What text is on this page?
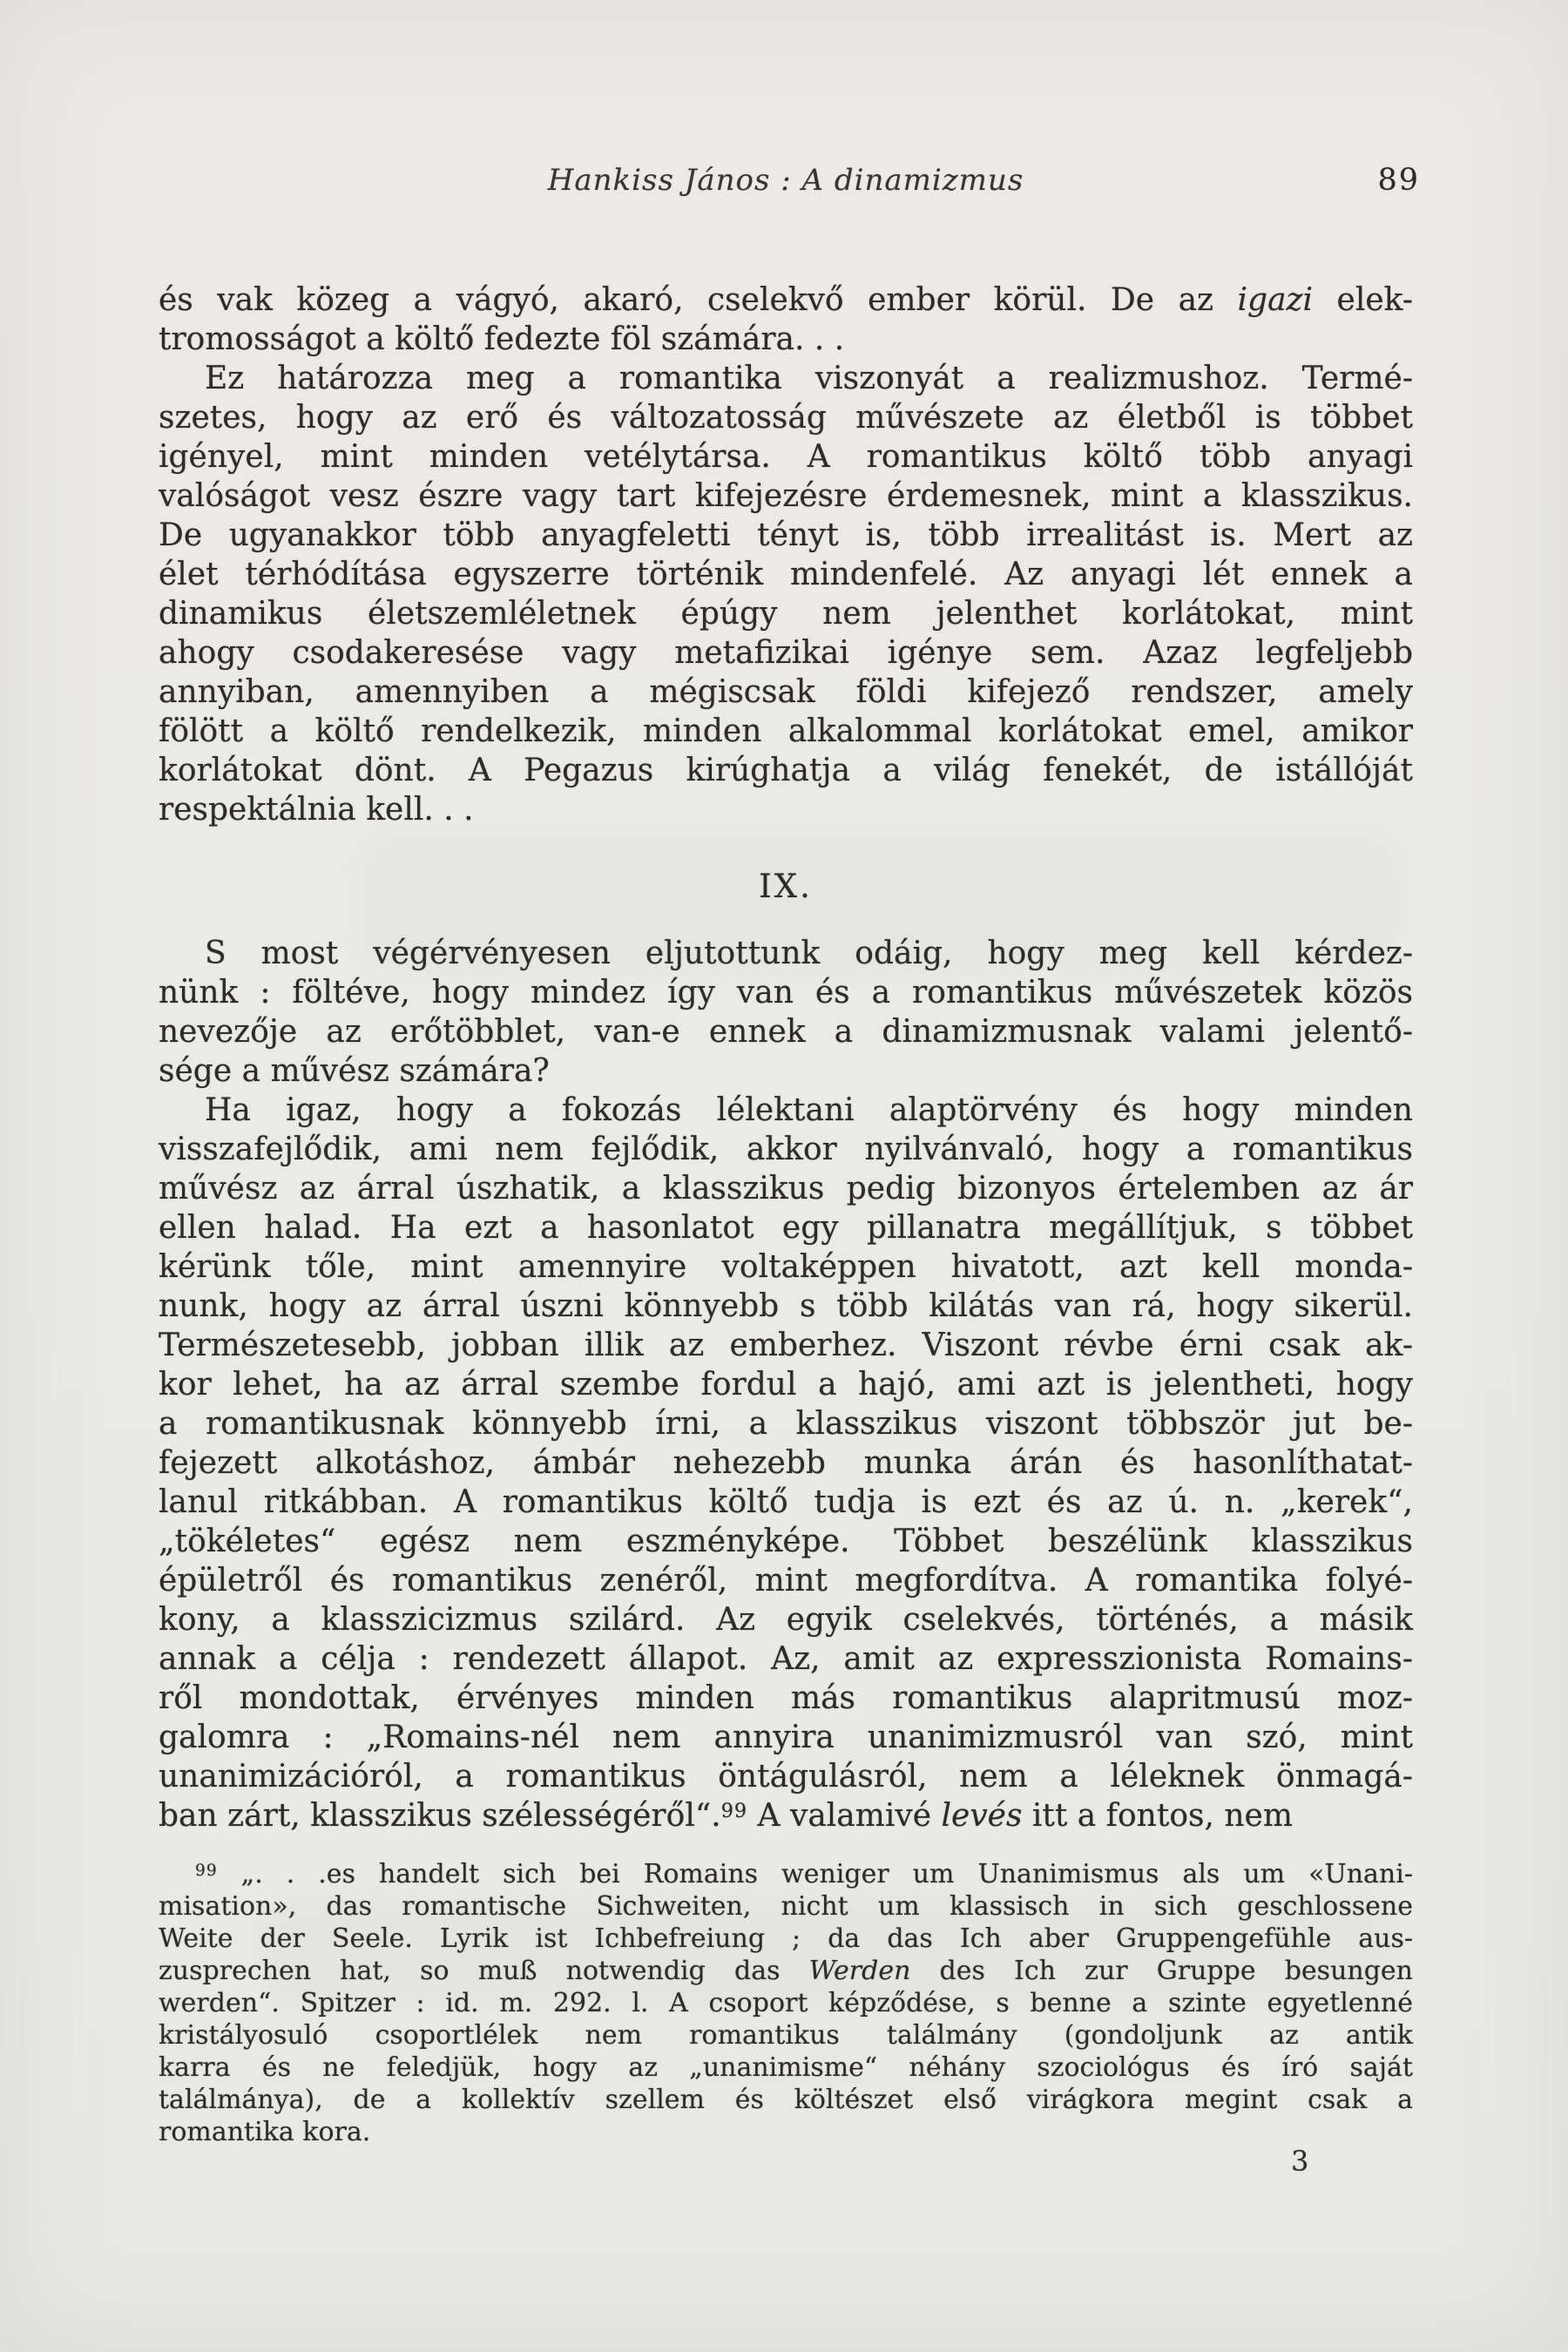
Hankiss János : A dinamizmus	89
és vak közeg a vágyó, akaró, cselekvő ember körül. De az igazi elek-
tromosságot a költő fedezte föl számára. . .
Ez határozza meg a romantika viszonyát a realizmushoz. Termé-
szetes, hogy az erő és változatosság művészete az életből is többet
igényel, mint minden vetélytársa. A romantikus költő több anyagi
valóságot vesz észre vagy tart kifejezésre érdemesnek, mint a klasszikus.
De ugyanakkor több anyagfeletti tényt is, több irrealitást is. Mert az
élet térhódítása egyszerre történik mindenfelé. Az anyagi lét ennek a
dinamikus életszemléletnek épúgy nem jelenthet korlátokat, mint
ahogy csodakeresése vagy metafizikai igénye sem. Azaz legfeljebb
annyiban, amennyiben a mégiscsak földi kifejező rendszer, amely
fölött a költő rendelkezik, minden alkalommal korlátokat emel, amikor
korlátokat dönt. A Pegazus kirúghatja a világ fenekét, de istállóját
respektálnia kell. . .
IX.
S most végérvényesen eljutottunk odáig, hogy meg kell kérdez-
nünk : föltéve, hogy mindez így van és a romantikus művészetek közös
nevezője az erőtöbblet, van-e ennek a dinamizmusnak valami jelentő-
sége a művész számára?
Ha igaz, hogy a fokozás lélektani alaptörvény és hogy minden
visszafejlődik, ami nem fejlődik, akkor nyilvánvaló, hogy a romantikus
művész az árral úszhatik, a klasszikus pedig bizonyos értelemben az ár
ellen halad. Ha ezt a hasonlatot egy pillanatra megállítjuk, s többet
kérünk tőle, mint amennyire voltaképpen hivatott, azt kell monda-
nunk, hogy az árral úszni könnyebb s több kilátás van rá, hogy sikerül.
Természetesebb, jobban illik az emberhez. Viszont révbe érni csak ak-
kor lehet, ha az árral szembe fordul a hajó, ami azt is jelentheti, hogy
a romantikusnak könnyebb írni, a klasszikus viszont többször jut be-
fejezett alkotáshoz, ámbár nehezebb munka árán és hasonlíthatat-
lanul ritkábban. A romantikus költő tudja is ezt és az ú. n. „kerek“,
„tökéletes“ egész nem eszményképe. Többet beszélünk klasszikus
épületről és romantikus zenéről, mint megfordítva. A romantika folyé-
kony, a klasszicizmus szilárd. Az egyik cselekvés, történés, a másik
annak a célja : rendezett állapot. Az, amit az expresszionista Romains-
ről mondottak, érvényes minden más romantikus alapritmusú moz-
galomra : „Romains-nél nem annyira unanimizmusról van szó, mint
unanimizációról, a romantikus öntágulásról, nem a léleknek önmagá-
ban zárt, klasszikus szélességéről“.$^{99}$ A valamivé levés itt a fontos, nem
$^{99}$ „. . .es handelt sich bei Romains weniger um Unanimismus als um «Unani-
misation», das romantische Sichweiten, nicht um klassisch in sich geschlossene
Weite der Seele. Lyrik ist Ichbefreiung ; da das Ich aber Gruppengefühle aus-
zusprechen hat, so muß notwendig das Werden des Ich zur Gruppe besungen
werden“. Spitzer : id. m. 292. l. A csoport képződése, s benne a szinte egyetlenné
kristályosuló csoportlélek nem romantikus találmány (gondoljunk az antik
karra és ne feledjük, hogy az „unanimisme“ néhány szociológus és író saját
találmánya), de a kollektív szellem és költészet első virágkora megint csak a
romantika kora.
3
